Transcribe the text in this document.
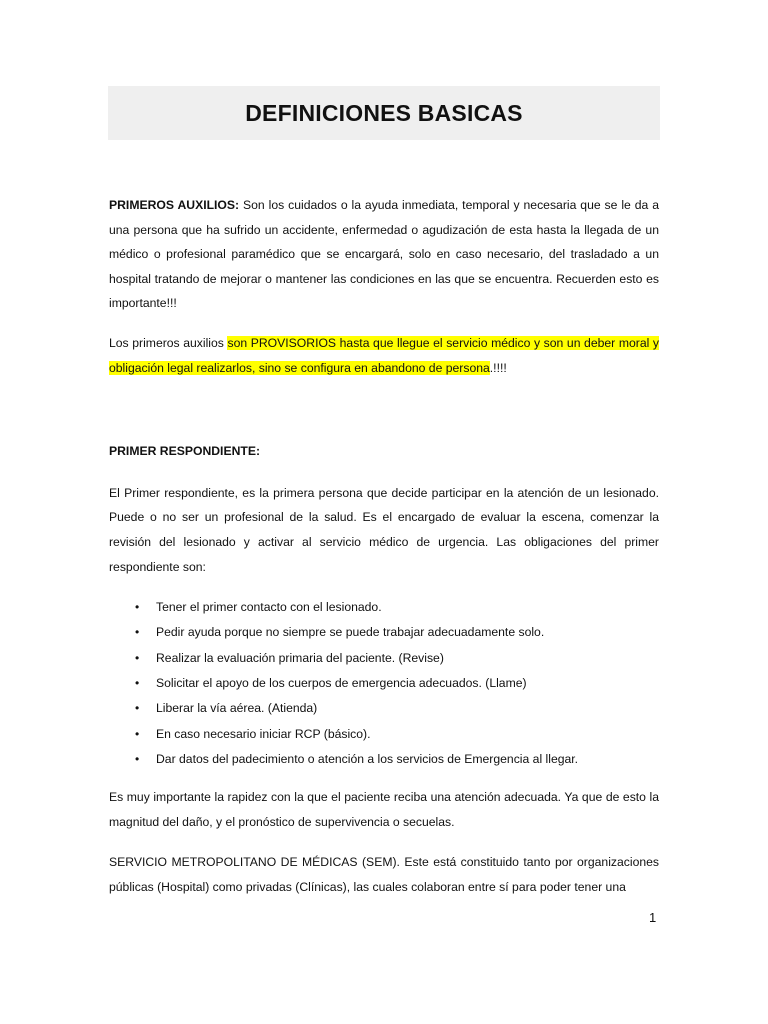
DEFINICIONES BASICAS

PRIMEROS AUXILIOS: Son los cuidados o la ayuda inmediata, temporal y necesaria que se le da a una persona que ha sufrido un accidente, enfermedad o agudización de esta hasta la llegada de un médico o profesional paramédico que se encargará, solo en caso necesario, del trasladado a un hospital tratando de mejorar o mantener las condiciones en las que se encuentra. Recuerden esto es importante!!!

Los primeros auxilios son PROVISORIOS hasta que llegue el servicio médico y son un deber moral y obligación legal realizarlos, sino se configura en abandono de persona.!!!!

PRIMER RESPONDIENTE:

El Primer respondiente, es la primera persona que decide participar en la atención de un lesionado. Puede o no ser un profesional de la salud. Es el encargado de evaluar la escena, comenzar la revisión del lesionado y activar al servicio médico de urgencia. Las obligaciones del primer respondiente son:

• Tener el primer contacto con el lesionado.
• Pedir ayuda porque no siempre se puede trabajar adecuadamente solo.
• Realizar la evaluación primaria del paciente. (Revise)
• Solicitar el apoyo de los cuerpos de emergencia adecuados. (Llame)
• Liberar la vía aérea. (Atienda)
• En caso necesario iniciar RCP (básico).
• Dar datos del padecimiento o atención a los servicios de Emergencia al llegar.

Es muy importante la rapidez con la que el paciente reciba una atención adecuada. Ya que de esto la magnitud del daño, y el pronóstico de supervivencia o secuelas.

SERVICIO METROPOLITANO DE MÉDICAS (SEM). Este está constituido tanto por organizaciones públicas (Hospital) como privadas (Clínicas), las cuales colaboran entre sí para poder tener una

1
